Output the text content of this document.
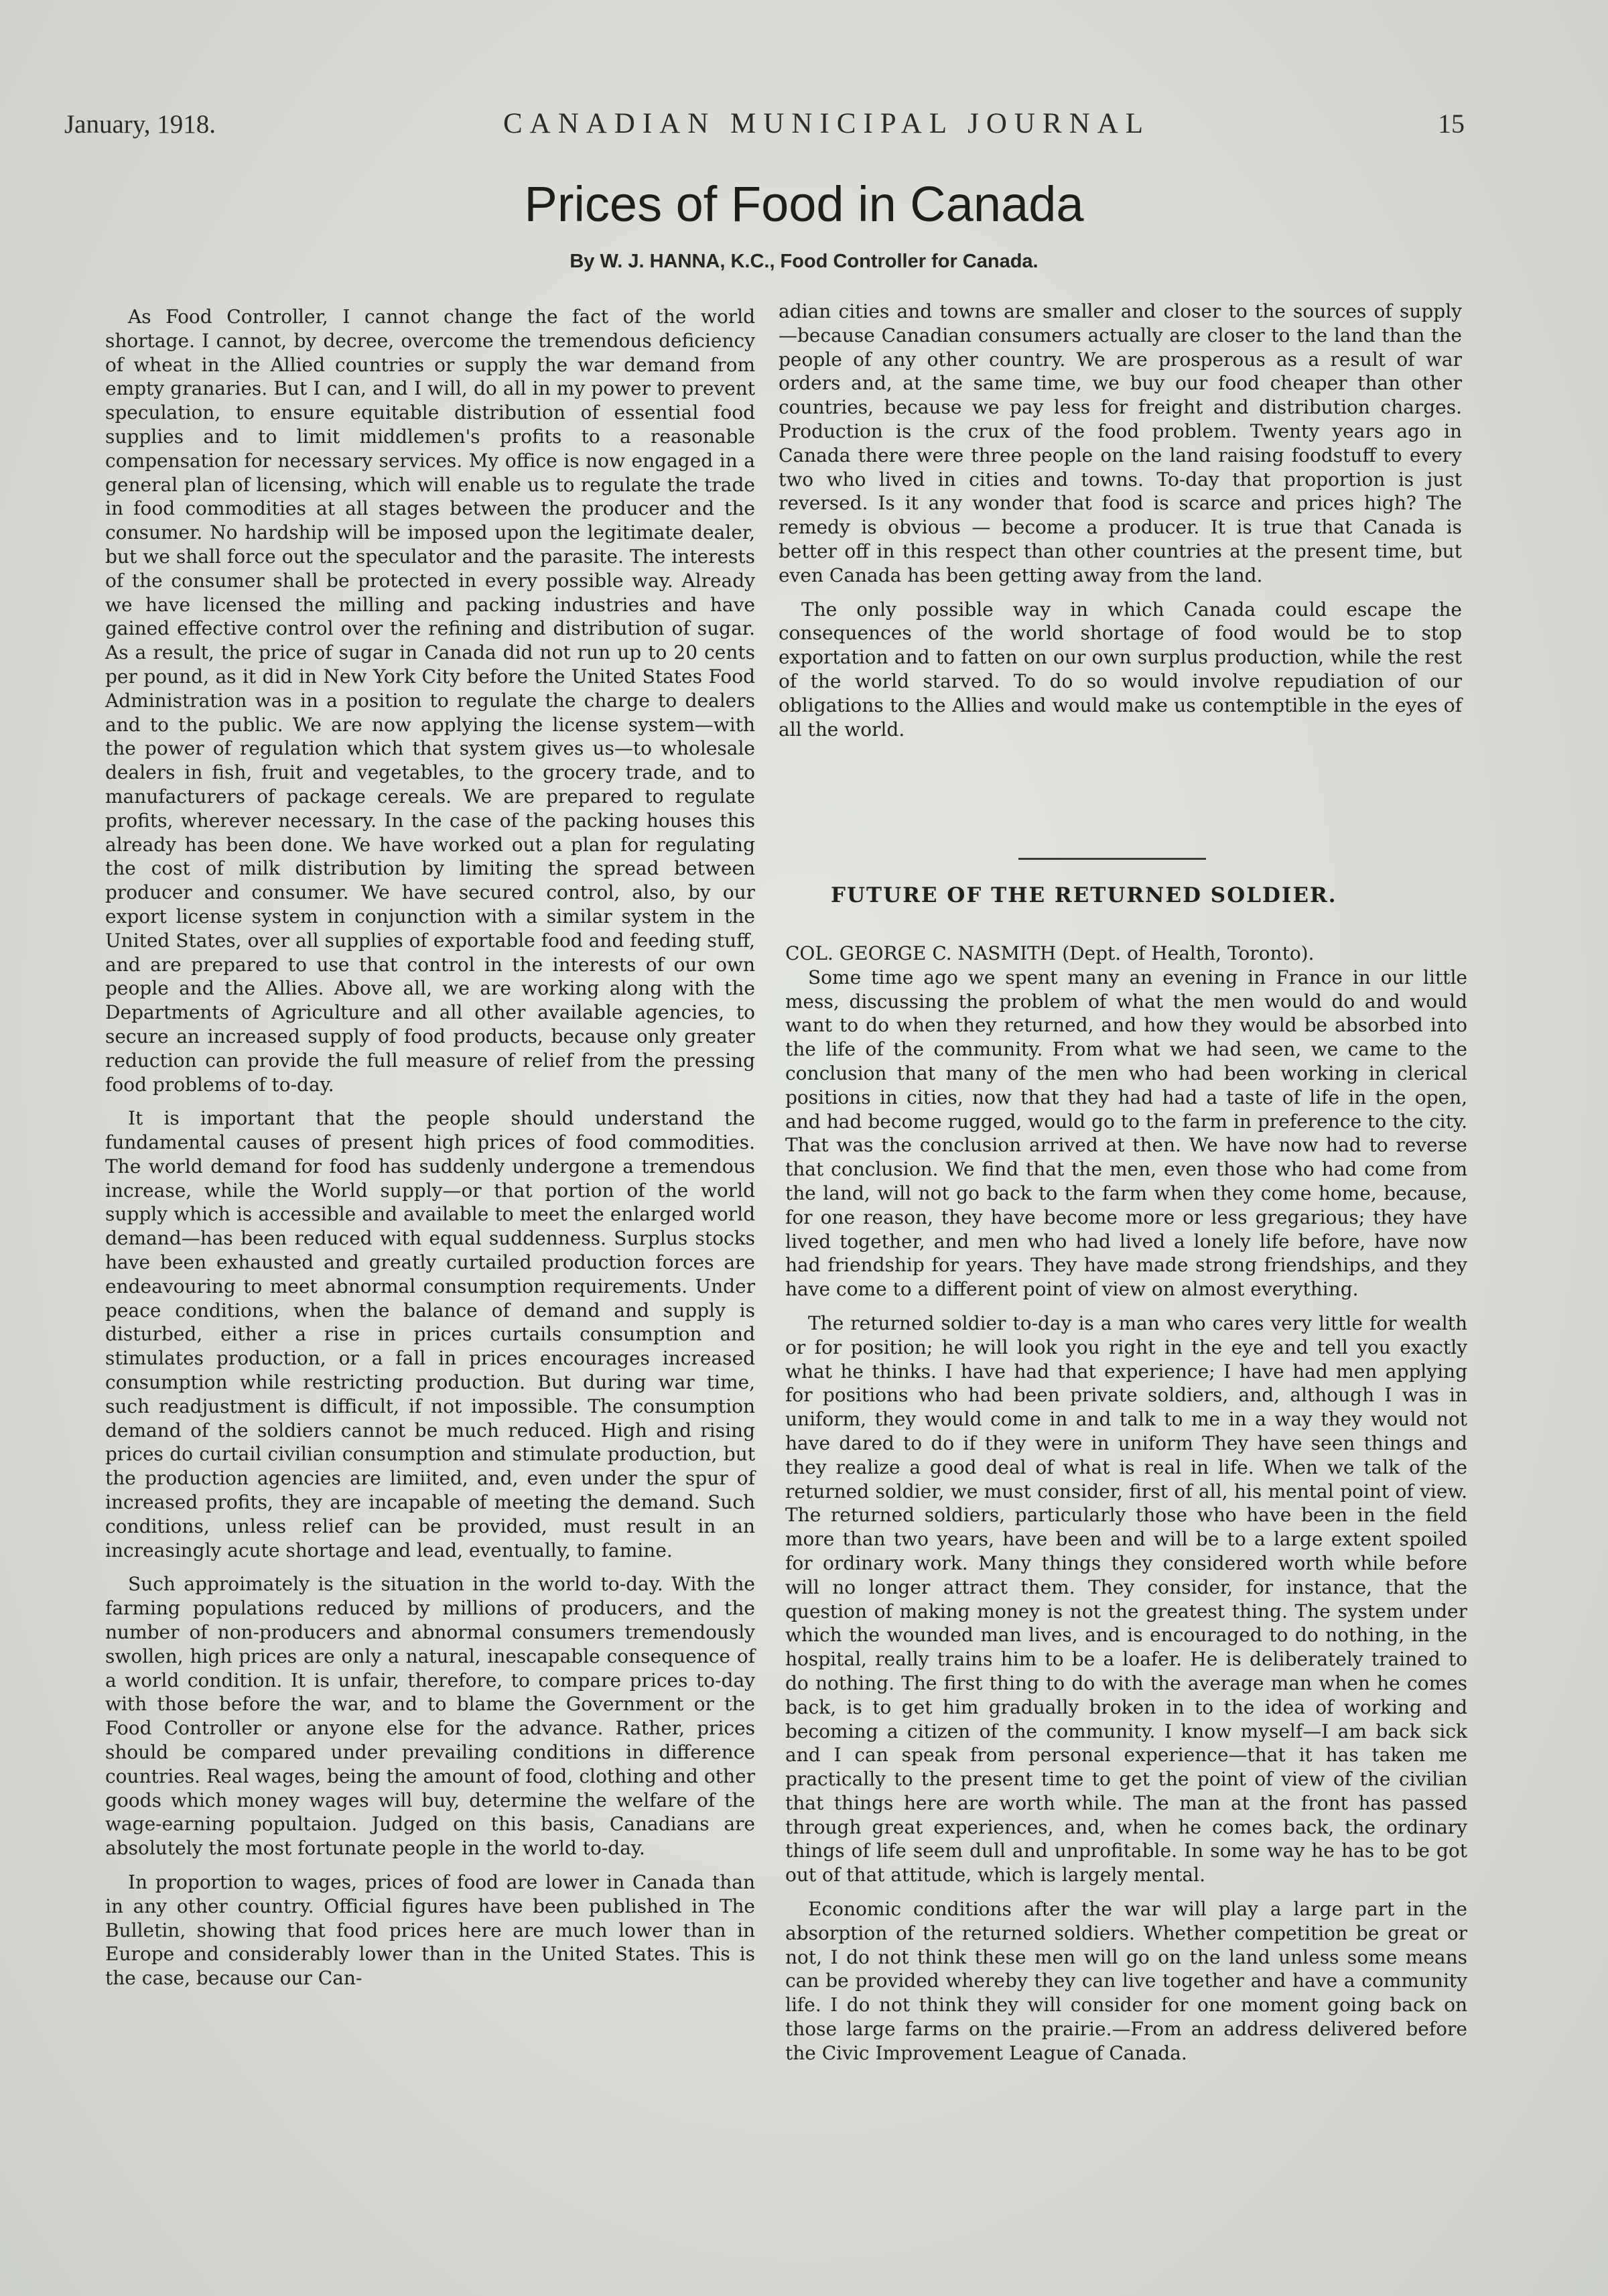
January, 1918.	CANADIAN MUNICIPAL JOURNAL	15
Prices of Food in Canada
By W. J. HANNA, K.C., Food Controller for Canada.

As Food Controller, I cannot change the fact of the world shortage. I cannot, by decree, overcome the tremendous deficiency of wheat in the Allied countries or supply the war demand from empty granaries. But I can, and I will, do all in my power to prevent speculation, to ensure equitable distribution of essential food supplies and to limit middlemen's profits to a reasonable compensation for necessary services. My office is now engaged in a general plan of licensing, which will enable us to regulate the trade in food commodities at all stages between the producer and the consumer. No hardship will be imposed upon the legitimate dealer, but we shall force out the speculator and the parasite. The interests of the consumer shall be protected in every possible way. Already we have licensed the milling and packing industries and have gained effective control over the refining and distribution of sugar. As a result, the price of sugar in Canada did not run up to 20 cents per pound, as it did in New York City before the United States Food Administration was in a position to regulate the charge to dealers and to the public. We are now applying the license system—with the power of regulation which that system gives us—to wholesale dealers in fish, fruit and vegetables, to the grocery trade, and to manufacturers of package cereals. We are prepared to regulate profits, wherever necessary. In the case of the packing houses this already has been done. We have worked out a plan for regulating the cost of milk distribution by limiting the spread between producer and consumer. We have secured control, also, by our export license system in conjunction with a similar system in the United States, over all supplies of exportable food and feeding stuff, and are prepared to use that control in the interests of our own people and the Allies. Above all, we are working along with the Departments of Agriculture and all other available agencies, to secure an increased supply of food products, because only greater reduction can provide the full measure of relief from the pressing food problems of to-day.

It is important that the people should understand the fundamental causes of present high prices of food commodities. The world demand for food has suddenly undergone a tremendous increase, while the World supply—or that portion of the world supply which is accessible and available to meet the enlarged world demand—has been reduced with equal suddenness. Surplus stocks have been exhausted and greatly curtailed production forces are endeavouring to meet abnormal consumption requirements. Under peace conditions, when the balance of demand and supply is disturbed, either a rise in prices curtails consumption and stimulates production, or a fall in prices encourages increased consumption while restricting production. But during war time, such readjustment is difficult, if not impossible. The consumption demand of the soldiers cannot be much reduced. High and rising prices do curtail civilian consumption and stimulate production, but the production agencies are limiited, and, even under the spur of increased profits, they are incapable of meeting the demand. Such conditions, unless relief can be provided, must result in an increasingly acute shortage and lead, eventually, to famine.

Such approimately is the situation in the world to-day. With the farming populations reduced by millions of producers, and the number of non-producers and abnormal consumers tremendously swollen, high prices are only a natural, inescapable consequence of a world condition. It is unfair, therefore, to compare prices to-day with those before the war, and to blame the Government or the Food Controller or anyone else for the advance. Rather, prices should be compared under prevailing conditions in difference countries. Real wages, being the amount of food, clothing and other goods which money wages will buy, determine the welfare of the wage-earning popultaion. Judged on this basis, Canadians are absolutely the most fortunate people in the world to-day.

In proportion to wages, prices of food are lower in Canada than in any other country. Official figures have been published in The Bulletin, showing that food prices here are much lower than in Europe and considerably lower than in the United States. This is the case, because our Can-

adian cities and towns are smaller and closer to the sources of supply—because Canadian consumers actually are closer to the land than the people of any other country. We are prosperous as a result of war orders and, at the same time, we buy our food cheaper than other countries, because we pay less for freight and distribution charges. Production is the crux of the food problem. Twenty years ago in Canada there were three people on the land raising foodstuff to every two who lived in cities and towns. To-day that proportion is just reversed. Is it any wonder that food is scarce and prices high? The remedy is obvious — become a producer. It is true that Canada is better off in this respect than other countries at the present time, but even Canada has been getting away from the land.

The only possible way in which Canada could escape the consequences of the world shortage of food would be to stop exportation and to fatten on our own surplus production, while the rest of the world starved. To do so would involve repudiation of our obligations to the Allies and would make us contemptible in the eyes of all the world.

FUTURE OF THE RETURNED SOLDIER.

COL. GEORGE C. NASMITH (Dept. of Health, Toronto).

Some time ago we spent many an evening in France in our little mess, discussing the problem of what the men would do and would want to do when they returned, and how they would be absorbed into the life of the community. From what we had seen, we came to the conclusion that many of the men who had been working in clerical positions in cities, now that they had had a taste of life in the open, and had become rugged, would go to the farm in preference to the city. That was the conclusion arrived at then. We have now had to reverse that conclusion. We find that the men, even those who had come from the land, will not go back to the farm when they come home, because, for one reason, they have become more or less gregarious; they have lived together, and men who had lived a lonely life before, have now had friendship for years. They have made strong friendships, and they have come to a different point of view on almost everything.

The returned soldier to-day is a man who cares very little for wealth or for position; he will look you right in the eye and tell you exactly what he thinks. I have had that experience; I have had men applying for positions who had been private soldiers, and, although I was in uniform, they would come in and talk to me in a way they would not have dared to do if they were in uniform They have seen things and they realize a good deal of what is real in life. When we talk of the returned soldier, we must consider, first of all, his mental point of view. The returned soldiers, particularly those who have been in the field more than two years, have been and will be to a large extent spoiled for ordinary work. Many things they considered worth while before will no longer attract them. They consider, for instance, that the question of making money is not the greatest thing. The system under which the wounded man lives, and is encouraged to do nothing, in the hospital, really trains him to be a loafer. He is deliberately trained to do nothing. The first thing to do with the average man when he comes back, is to get him gradually broken in to the idea of working and becoming a citizen of the community. I know myself—I am back sick and I can speak from personal experience—that it has taken me practically to the present time to get the point of view of the civilian that things here are worth while. The man at the front has passed through great experiences, and, when he comes back, the ordinary things of life seem dull and unprofitable. In some way he has to be got out of that attitude, which is largely mental.

Economic conditions after the war will play a large part in the absorption of the returned soldiers. Whether competition be great or not, I do not think these men will go on the land unless some means can be provided whereby they can live together and have a community life. I do not think they will consider for one moment going back on those large farms on the prairie.—From an address delivered before the Civic Improvement League of Canada.
